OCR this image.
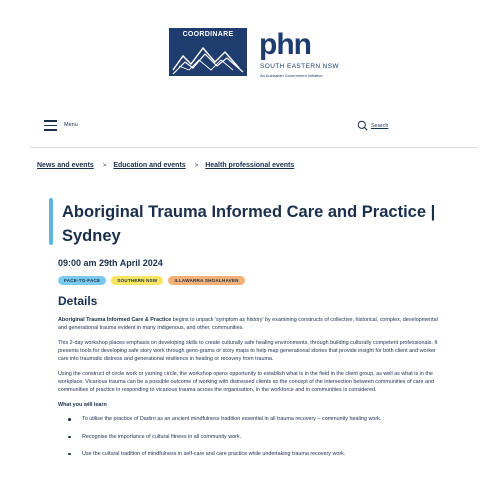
COORDINARE phn
SOUTH EASTERN NSW
An Australian Government Initiative
Menu	Search
News and events > Education and events > Health professional events
Aboriginal Trauma Informed Care and Practice | Sydney
09:00 am 29th April 2024
FACE-TO-FACE	SOUTHERN NSW	ILLAWARRA SHOALHAVEN
Details

Aboriginal Trauma Informed Care & Practice begins to unpack 'symptom as history' by examining constructs of collective, historical, complex, developmental and generational trauma evident in many Indigenous, and other, communities.

This 2-day workshop places emphasis on developing skills to create culturally safe healing environments, through building culturally competent professionals. It presents tools for developing safe story work through geno-grams or story maps to help map generational stories that provide insight for both client and worker care into traumatic distress and generational resilience in healing or recovery from trauma.

Using the construct of circle work or yarning circle, the workshop opens opportunity to establish what is in the field in the client group, as well as what is in the workplace. Vicarious trauma can be a possible outcome of working with distressed clients so the concept of the intersection between communities of care and communities of practice in responding to vicarious trauma across the organisation, in the workforce and in communities is considered.

What you will learn
To utilise the practice of Dadirri as an ancient mindfulness tradition essential in all trauma recovery – community healing work.
Recognise the importance of cultural fitness in all community work.
Use the cultural tradition of mindfulness in self-care and care practice while undertaking trauma recovery work.
